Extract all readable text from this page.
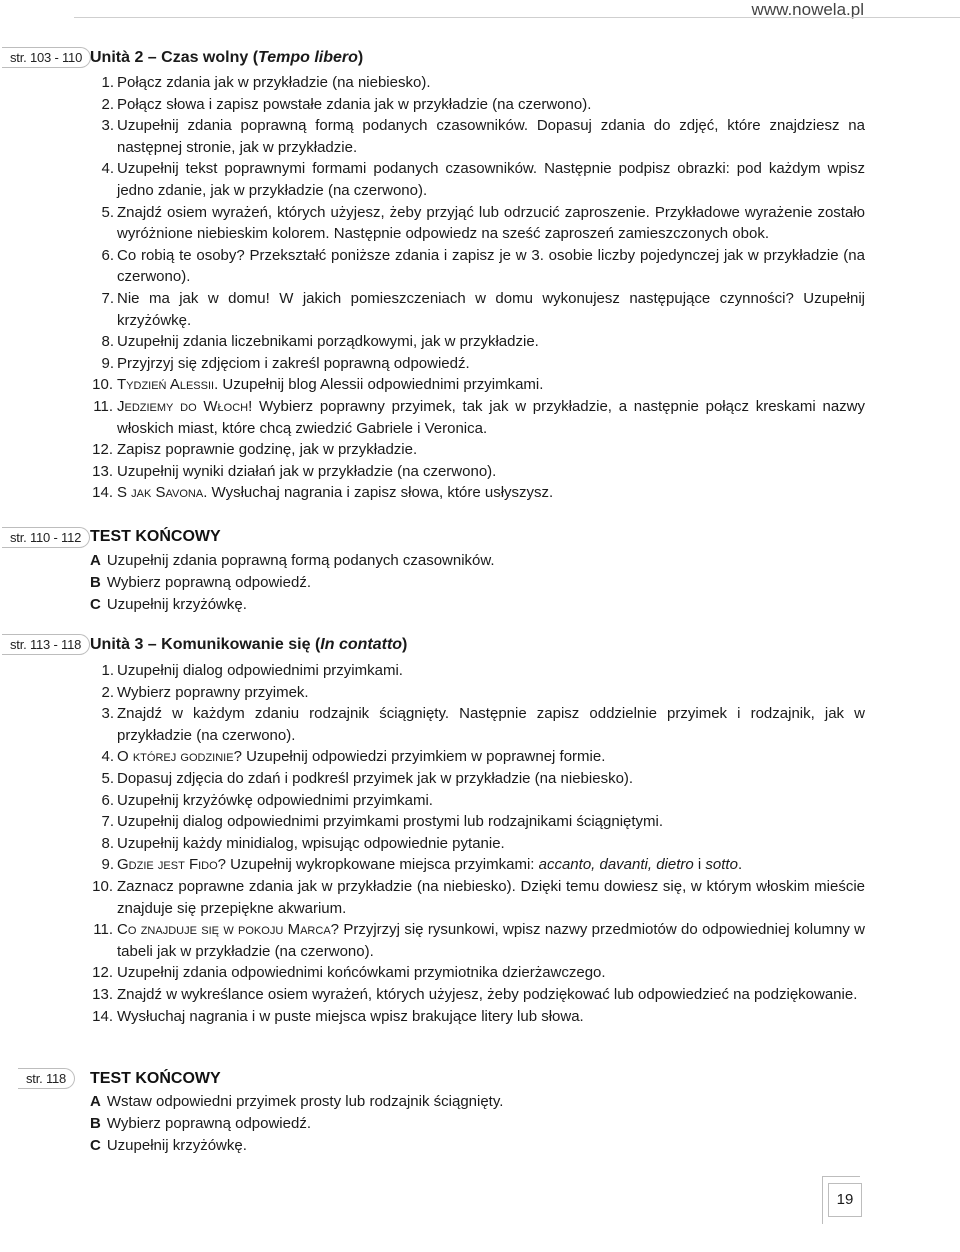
www.nowela.pl
str. 103 - 110 Unità 2 – Czas wolny (Tempo libero)
1. Połącz zdania jak w przykładzie (na niebiesko).
2. Połącz słowa i zapisz powstałe zdania jak w przykładzie (na czerwono).
3. Uzupełnij zdania poprawną formą podanych czasowników. Dopasuj zdania do zdjęć, które znajdziesz na następnej stronie, jak w przykładzie.
4. Uzupełnij tekst poprawnymi formami podanych czasowników. Następnie podpisz obrazki: pod każdym wpisz jedno zdanie, jak w przykładzie (na czerwono).
5. Znajdź osiem wyrażeń, których użyjesz, żeby przyjąć lub odrzucić zaproszenie. Przykładowe wyrażenie zostało wyróżnione niebieskim kolorem. Następnie odpowiedz na sześć zaproszeń zamieszczonych obok.
6. Co robią te osoby? Przekształć poniższe zdania i zapisz je w 3. osobie liczby pojedynczej jak w przykładzie (na czerwono).
7. Nie ma jak w domu! W jakich pomieszczeniach w domu wykonujesz następujące czynności? Uzupełnij krzyżówkę.
8. Uzupełnij zdania liczebnikami porządkowymi, jak w przykładzie.
9. Przyjrzyj się zdjęciom i zakreśl poprawną odpowiedź.
10. Tydzień Alessii. Uzupełnij blog Alessii odpowiednimi przyimkami.
11. Jedziemy do Włoch! Wybierz poprawny przyimek, tak jak w przykładzie, a następnie połącz kreskami nazwy włoskich miast, które chcą zwiedzić Gabriele i Veronica.
12. Zapisz poprawnie godzinę, jak w przykładzie.
13. Uzupełnij wyniki działań jak w przykładzie (na czerwono).
14. S jak Savona. Wysłuchaj nagrania i zapisz słowa, które usłyszysz.
str. 110 - 112 TEST KOŃCOWY
A Uzupełnij zdania poprawną formą podanych czasowników.
B Wybierz poprawną odpowiedź.
C Uzupełnij krzyżówkę.
str. 113 - 118 Unità 3 – Komunikowanie się (In contatto)
1. Uzupełnij dialog odpowiednimi przyimkami.
2. Wybierz poprawny przyimek.
3. Znajdź w każdym zdaniu rodzajnik ściągnięty. Następnie zapisz oddzielnie przyimek i rodzajnik, jak w przykładzie (na czerwono).
4. O której godzinie? Uzupełnij odpowiedzi przyimkiem w poprawnej formie.
5. Dopasuj zdjęcia do zdań i podkreśl przyimek jak w przykładzie (na niebiesko).
6. Uzupełnij krzyżówkę odpowiednimi przyimkami.
7. Uzupełnij dialog odpowiednimi przyimkami prostymi lub rodzajnikami ściągniętymi.
8. Uzupełnij każdy minidialog, wpisując odpowiednie pytanie.
9. Gdzie jest Fido? Uzupełnij wykropkowane miejsca przyimkami: accanto, davanti, dietro i sotto.
10. Zaznacz poprawne zdania jak w przykładzie (na niebiesko). Dzięki temu dowiesz się, w którym włoskim mieście znajduje się przepiękne akwarium.
11. Co znajduje się w pokoju Marca? Przyjrzyj się rysunkowi, wpisz nazwy przedmiotów do odpowiedniej kolumny w tabeli jak w przykładzie (na czerwono).
12. Uzupełnij zdania odpowiednimi końcówkami przymiotnika dzierżawczego.
13. Znajdź w wykreślance osiem wyrażeń, których użyjesz, żeby podziękować lub odpowiedzieć na podziękowanie.
14. Wysłuchaj nagrania i w puste miejsca wpisz brakujące litery lub słowa.
str. 118	TEST KOŃCOWY
A Wstaw odpowiedni przyimek prosty lub rodzajnik ściągnięty.
B Wybierz poprawną odpowiedź.
C Uzupełnij krzyżówkę.
19
